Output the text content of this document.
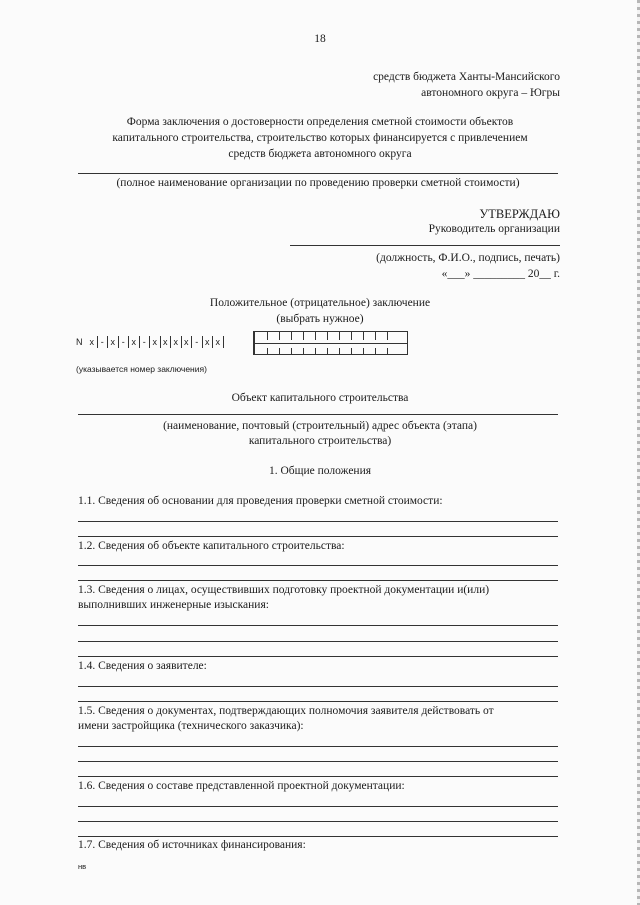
18
средств бюджета Ханты-Мансийского
автономного округа – Югры
Форма заключения о достоверности определения сметной стоимости объектов
капитального строительства, строительство которых финансируется с привлечением
средств бюджета автономного округа
(полное наименование организации по проведению проверки сметной стоимости)
УТВЕРЖДАЮ
Руководитель организации
(должность, Ф.И.О., подпись, печать)
«___» _________ 20__ г.
Положительное (отрицательное) заключение
(выбрать нужное)
N x - x - x - x x x x - x x
(указывается номер заключения)
Объект капитального строительства
(наименование, почтовый (строительный) адрес объекта (этапа)
капитального строительства)
1. Общие положения
1.1. Сведения об основании для проведения проверки сметной стоимости:
1.2. Сведения об объекте капитального строительства:
1.3. Сведения о лицах, осуществивших подготовку проектной документации и(или)
выполнивших инженерные изыскания:
1.4. Сведения о заявителе:
1.5. Сведения о документах, подтверждающих полномочия заявителя действовать от
имени застройщика (технического заказчика):
1.6. Сведения о составе представленной проектной документации:
1.7. Сведения об источниках финансирования:
нв
